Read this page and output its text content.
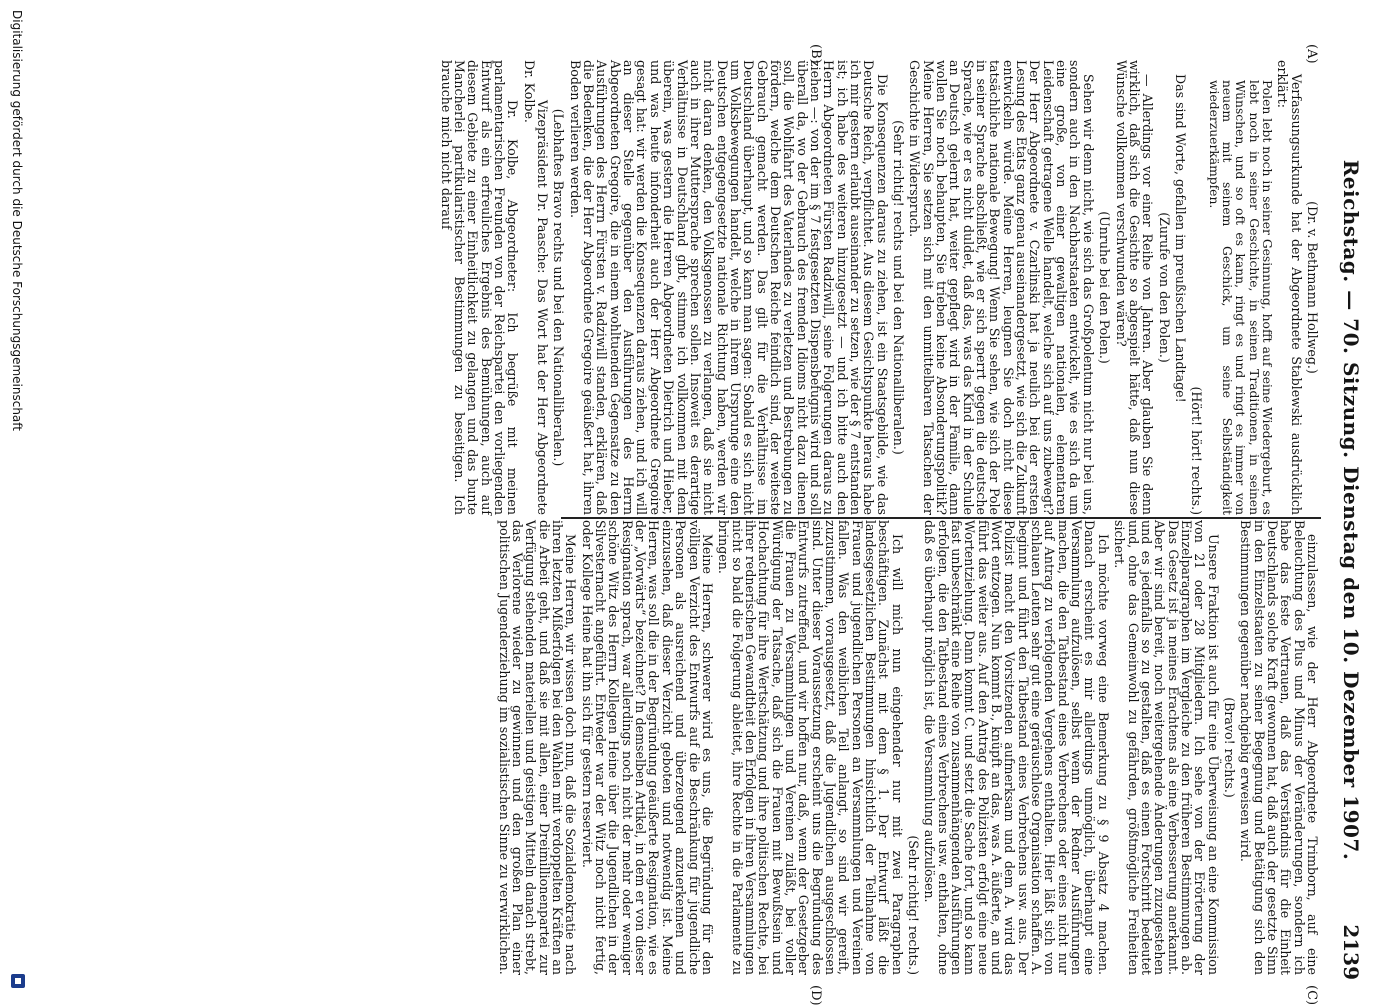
Reichstag. — 70. Sitzung. Dienstag den 10. Dezember 1907.
2139
(A)
(B)
(C)
(D)

(Dr. v. Bethmann Hollweg.)

Verfassungsurkunde hat der Abgeordnete Stablewski ausdrücklich erklärt:

Polen lebt noch in seiner Gesinnung, hofft auf seine Wiedergeburt, es lebt noch in seiner Geschichte, in seinen Traditionen, in seinen Wünschen, und so oft es kann, ringt es und ringt es immer von neuem mit seinem Geschick, um seine Selbständigkeit wiederzuerkämpfen.

(Hört! hört! rechts.)

Das sind Worte, gefallen im preußischen Landtage!

(Zurufe von den Polen.)

— Allerdings vor einer Reihe von Jahren. Aber glauben Sie denn wirklich, daß sich die Gesichte so abgespielt hätte, daß nun diese Wünsche vollkommen verschwunden wären?

(Unruhe bei den Polen.)

Sehen wir denn nicht, wie sich das Großpolentum nicht nur bei uns, sondern auch in den Nachbarstaaten entwickelt, wie es sich da um eine große, von einer gewaltigen nationalen, elementaren Leidenschaft getragene Welle handelt, welche sich auf uns zubewegt? Der Herr Abgeordnete v. Czarlinski hat ja neulich bei der ersten Lesung des Etats ganz genau auseinandergesetzt, wie sich die Zukunft entwickeln würde. Meine Herren, leugnen Sie doch nicht diese tatsächliche nationale Bewegung! Wenn Sie sehen, wie sich der Pole in seiner Sprache abschließt, wie er sich sperrt gegen die deutsche Sprache, wie er es nicht duldet, daß das, was das Kind in der Schule an Deutsch gelernt hat, weiter gepflegt wird in der Familie, dann wollen Sie noch behaupten, Sie trieben keine Absonderungspolitik? Meine Herren, Sie setzen sich mit den unmittelbaren Tatsachen der Geschichte in Widerspruch.

(Sehr richtig! rechts und bei den Nationalliberalen.)

Die Konsequenzen daraus zu ziehen, ist ein Staatsgebilde, wie das Deutsche Reich, verpflichtet. Aus diesem Gesichtspunkte heraus habe ich mir gestern erlaubt auseinander zu setzen, wie der § 7 entstanden ist; ich habe des weiteren hinzugesetzt — und ich bitte auch den Herrn Abgeordneten Fürsten Radziwill, seine Folgerungen daraus zu ziehen —: von der im § 7 festgesetzten Dispensbefugnis wird und soll überall da, wo der Gebrauch des fremden Idioms nicht dazu dienen soll, die Wohlfahrt des Vaterlandes zu verletzen und Bestrebungen zu fördern, welche dem Deutschen Reiche feindlich sind, der weiteste Gebrauch gemacht werden. Das gilt für die Verhältnisse im Deutschland überhaupt, und so kann man sagen: Sobald es sich nicht um Volksbewegungen handelt, welche in ihrem Ursprunge eine den Deutschen entgegengesetzte nationale Richtung haben, werden wir nicht daran denken, den Volksgenossen zu verlangen, daß sie nicht auch in ihrer Muttersprache sprechen sollen. Insoweit es derartige Verhältnisse in Deutschland gibt, stimme ich vollkommen mit dem überein, was gestern die Herren Abgeordneten Dietrich und Hieber, und was heute infonderheit auch der Herr Abgeordnete Gregoire gesagt hat: wir werden die Konsequenzen daraus ziehen, und ich will an dieser Stelle gegenüber den Ausführungen des Herrn Abgeordneten Gregoire, die in einem wohltuenden Gegensatze zu den Ausführungen des Herrn Fürsten v. Radziwill standen, erklären, daß die Bedenken, die der Herr Abgeordnete Gregoire geäußert hat, ihren Boden verlieren werden.

(Lebhaftes Bravo rechts und bei den Nationalliberalen.)

Vizepräsident Dr. Paasche: Das Wort hat der Herr Abgeordnete Dr. Kolbe.

Dr. Kolbe, Abgeordneter: Ich begrüße mit meinen parlamentarischen Freunden von der Reichspartei den vorliegenden Entwurf als ein erfreuliches Ergebnis des Bemühungen, auch auf diesem Gebiete zu einer Einheitlichkeit zu gelangen und das bunte Mancherlei partikularistischer Bestimmungen zu beseitigen. Ich brauche mich nicht darauf

einzulassen, wie der Herr Abgeordnete Trimborn, auf eine Beleuchtung des Plus und Minus der Veränderungen, sondern ich habe das feste Vertrauen, daß das Verständnis für die Einheit Deutschlands solche Kraft gewonnen hat, daß auch der gesetzte Sinn in den Einzelstaaten zu seiner Begegnung und Betätigung sich den Bestimmungen gegenüber nachgiebig erweisen wird.

(Bravo! rechts.)

Unsere Fraktion ist auch für eine Überweisung an eine Kommission von 21 oder 28 Mitgliedern. Ich sehe von der Erörterung der Einzelparagraphen im Vergleiche zu den früheren Bestimmungen ab. Das Gesetz ist ja meines Erachtens als eine Verbesserung anerkannt. Aber wir sind bereit, noch weitergehende Änderungen zuzugestehen und es jedenfalls so zu gestalten, daß es einen Fortschritt bedeutet und, ohne das Gemeinwohl zu gefährden, größtmögliche Freiheiten sichert.

Ich möchte vorweg eine Bemerkung zu § 9 Absatz 4 machen. Danach erscheint es mir allerdings unmöglich, überhaupt eine Versammlung aufzulösen, selbst wenn der Redner Ausführungen machen, die den Tatbestand eines Verbrechens oder eines nicht nur auf Antrag zu verfolgenden Vergehens enthalten. Hier läßt sich von schlauen Leuten sehr gut eine geräuschlose Organisation schaffen. A. beginnt und führt den Tatbestand eines Verbrechens usw. aus. Der Polizist macht den Vorsitzenden aufmerksam und dem A. wird das Wort entzogen. Nun kommt B., knüpft an das, was A. äußerte, an und führt das weiter aus. Auf den Antrag des Polizisten erfolgt eine neue Wortentziehung. Dann kommt C. und setzt die Sache fort, und so kann fast unbeschränkt eine Reihe von zusammenhängenden Ausführungen erfolgen, die den Tatbestand eines Verbrechens usw. enthalten, ohne daß es überhaupt möglich ist, die Versammlung aufzulösen.

(Sehr richtig! rechts.)

Ich will mich nun eingehender nur mit zwei Paragraphen beschäftigen. Zunächst mit dem § 1. Der Entwurf läßt die landesgesetzlichen Bestimmungen hinsichtlich der Teilnahme von Frauen und jugendlichen Personen an Versammlungen und Vereinen fallen. Was den weiblichen Teil anlangt, so sind wir gereift, zuzustimmen, vorausgesetzt, daß die Jugendlichen ausgeschlossen sind. Unter dieser Voraussetzung erscheint uns die Begründung des Entwurfs zutreffend, und wir hoffen nur, daß, wenn der Gesetzgeber die Frauen zu Versammlungen und Vereinen zuläßt, bei voller Würdigung der Tatsache, daß sich die Frauen mit Bewußtsein und Hochachtung für ihre Wertschätzung und ihre politischen Rechte, bei ihrer rednerischen Gewandtheit den Erfolgen in ihren Versammlungen nicht so bald die Folgerung ableitet, ihre Rechte in die Parlamente zu bringen.

Meine Herren, schwerer wird es uns, die Begründung für den völligen Verzicht des Entwurfs auf die Beschränkung für jugendliche Personen als ausreichend und überzeugend anzuerkennen und einzusehen, daß dieser Verzicht geboten und notwendig ist. Meine Herren, was soll die in der Begründung geäußerte Resignation, wie es der „Vorwärts“ bezeichnet? In demselben Artikel, in dem er von dieser Resignation sprach, war allerdings noch nicht der mehr oder weniger schöne Witz des Herrn Kollegen Heine über die Jugendlichen in der Silvesternacht angeführt. Entweder war der Witz noch nicht fertig, oder Kollege Heine hat ihn sich für gestern reserviert.

Meine Herren, wir wissen doch nun, daß die Sozialdemokratie nach ihren letzten Mißerfolgen bei den Wahlen mit verdoppelten Kräften an die Arbeit geht, und daß sie mit allen, einer Dreimillionenpartei zur Verfügung stehenden materiellen und geistigen Mitteln danach strebt, das Verlorene wieder zu gewinnen und den großen Plan einer politischen Jugenderziehung im sozialistischen Sinne zu verwirklichen.

Digitalisierung gefördert durch die Deutsche Forschungsgemeinschaft
